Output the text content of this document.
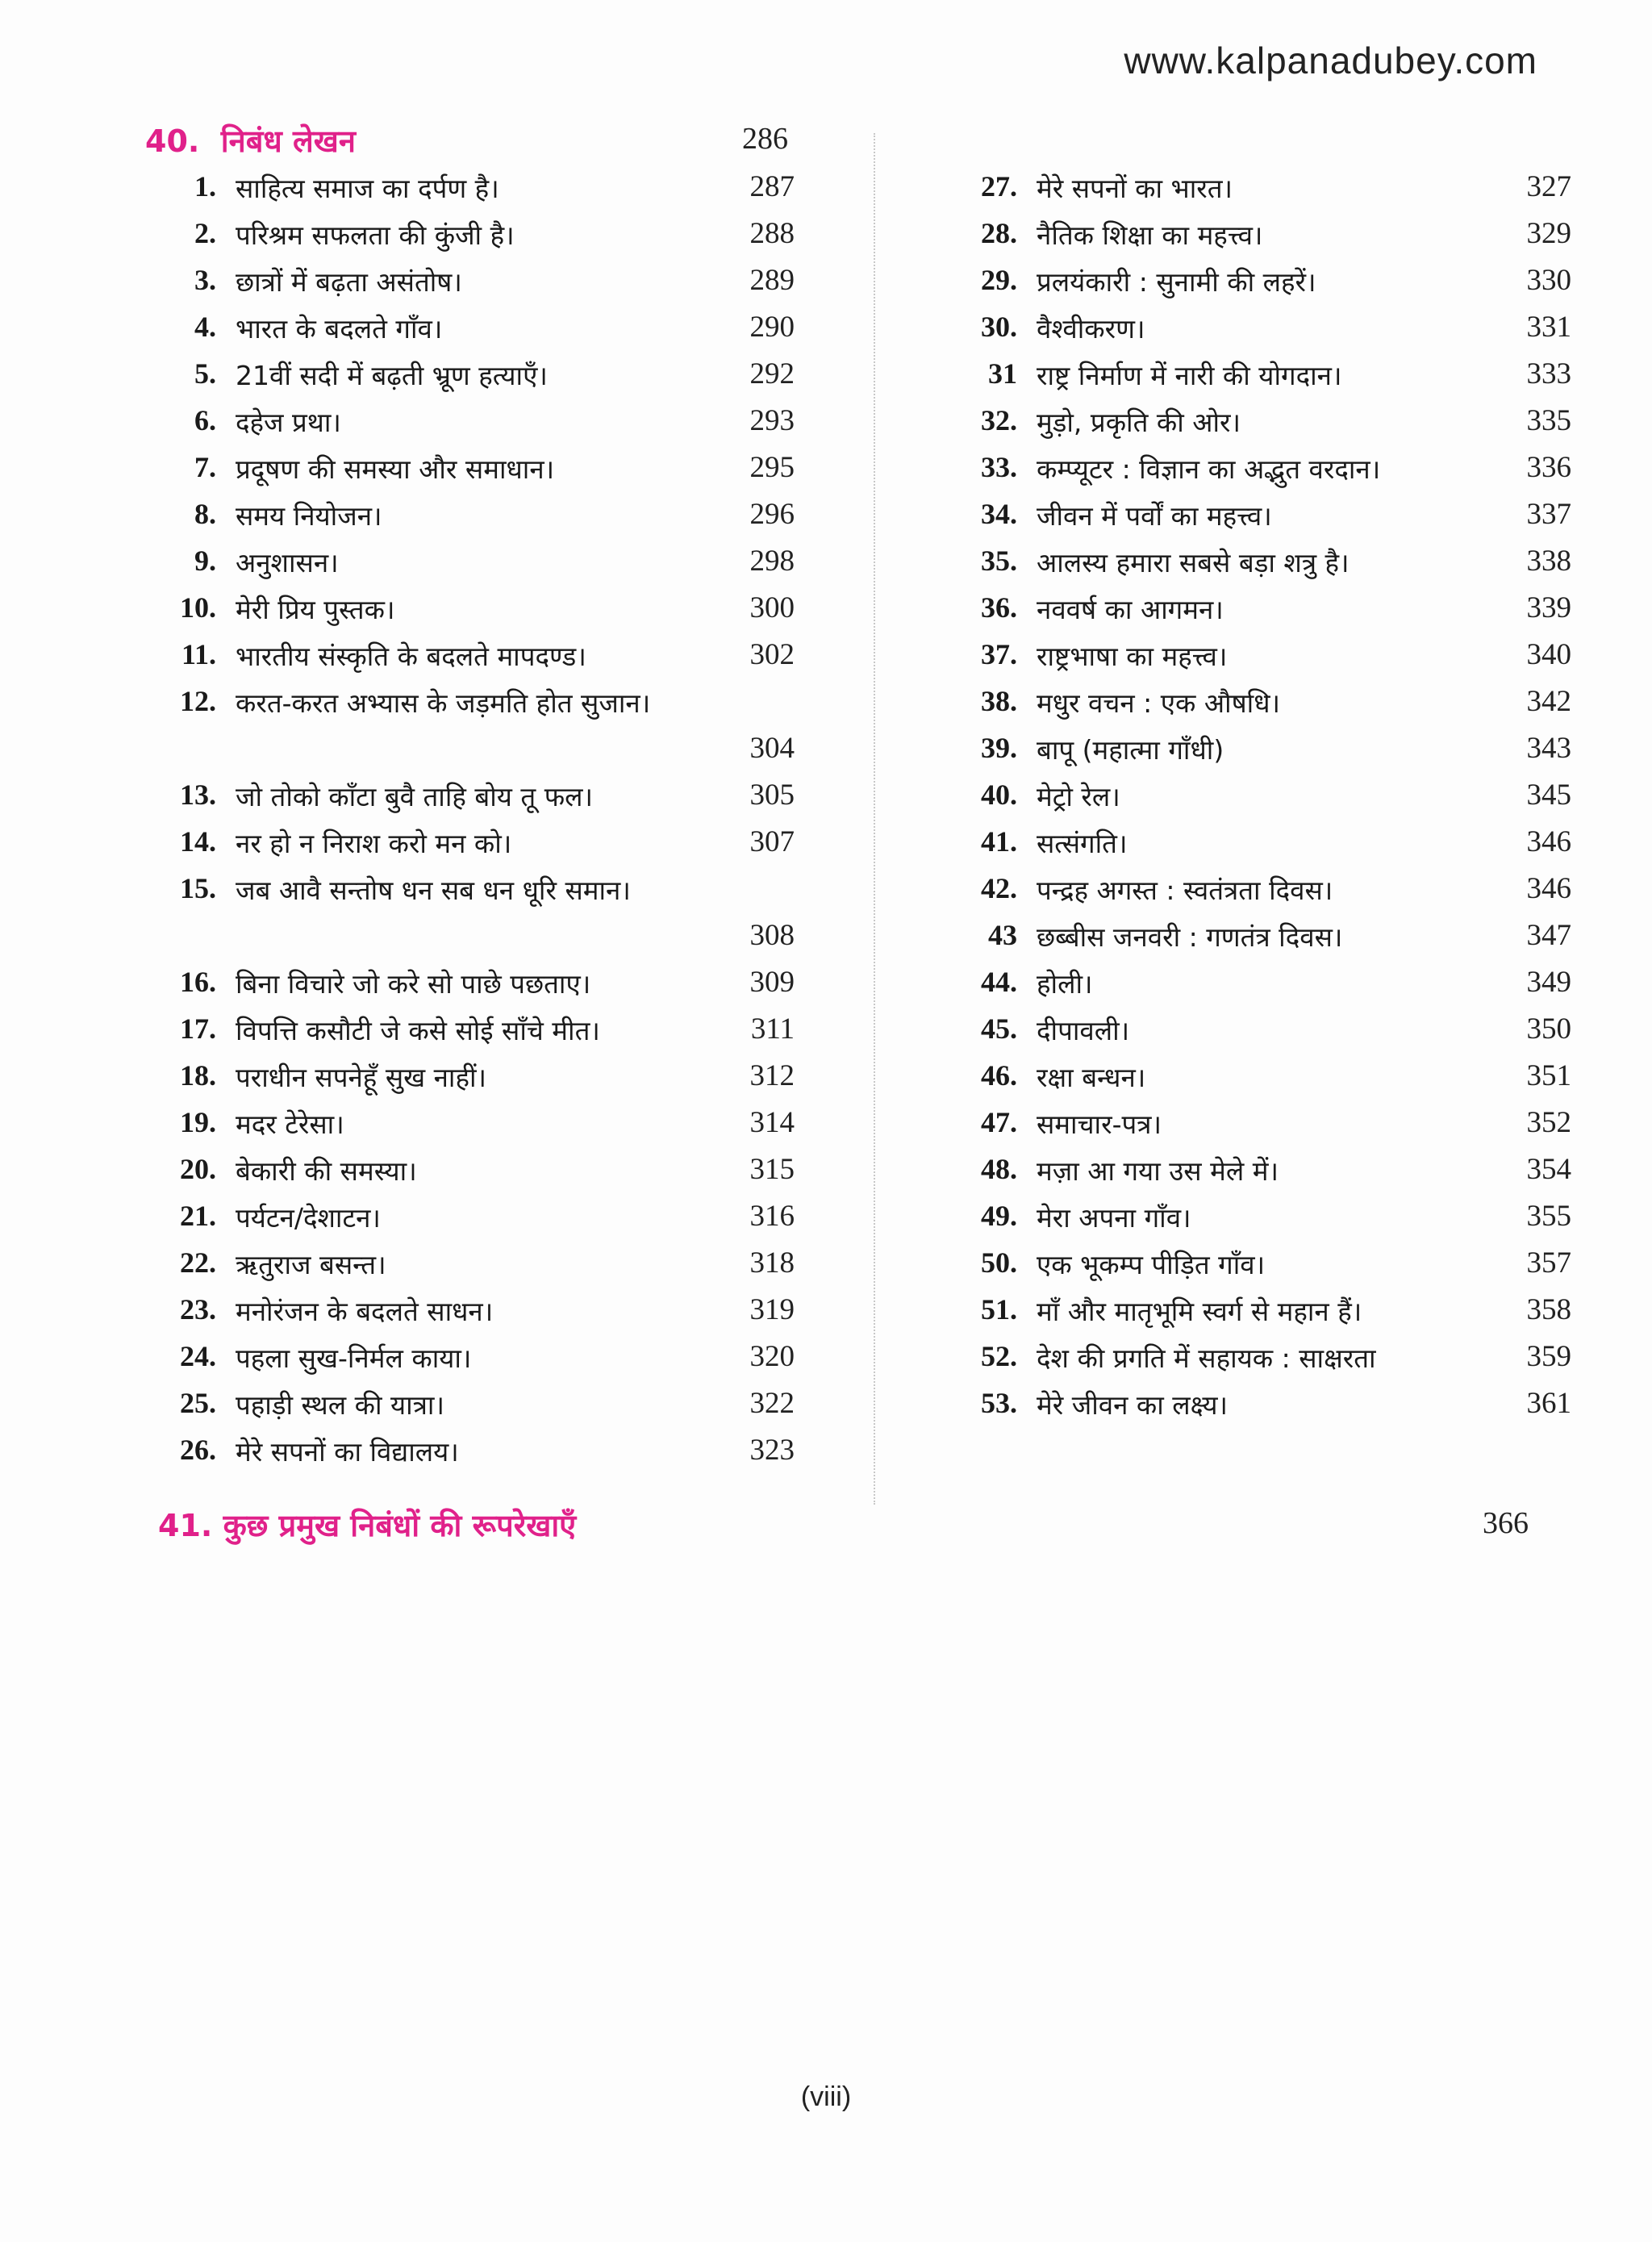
www.kalpanadubey.com
40. निबंध लेखन	286
1. साहित्य समाज का दर्पण है।	287
2. परिश्रम सफलता की कुंजी है।	288
3. छात्रों में बढ़ता असंतोष।	289
4. भारत के बदलते गाँव।	290
5. 21वीं सदी में बढ़ती भ्रूण हत्याएँ।	292
6. दहेज प्रथा।	293
7. प्रदूषण की समस्या और समाधान।	295
8. समय नियोजन।	296
9. अनुशासन।	298
10. मेरी प्रिय पुस्तक।	300
11. भारतीय संस्कृति के बदलते मापदण्ड।	302
12. करत-करत अभ्यास के जड़मति होत सुजान।
304
13. जो तोको काँटा बुवै ताहि बोय तू फल।	305
14. नर हो न निराश करो मन को।	307
15. जब आवै सन्तोष धन सब धन धूरि समान।
308
16. बिना विचारे जो करे सो पाछे पछताए।	309
17. विपत्ति कसौटी जे कसे सोई साँचे मीत।	311
18. पराधीन सपनेहूँ सुख नाहीं।	312
19. मदर टेरेसा।	314
20. बेकारी की समस्या।	315
21. पर्यटन/देशाटन।	316
22. ऋतुराज बसन्त।	318
23. मनोरंजन के बदलते साधन।	319
24. पहला सुख-निर्मल काया।	320
25. पहाड़ी स्थल की यात्रा।	322
26. मेरे सपनों का विद्यालय।	323
27. मेरे सपनों का भारत।	327
28. नैतिक शिक्षा का महत्त्व।	329
29. प्रलयंकारी : सुनामी की लहरें।	330
30. वैश्वीकरण।	331
31 राष्ट्र निर्माण में नारी की योगदान।	333
32. मुड़ो, प्रकृति की ओर।	335
33. कम्प्यूटर : विज्ञान का अद्भुत वरदान।	336
34. जीवन में पर्वों का महत्त्व।	337
35. आलस्य हमारा सबसे बड़ा शत्रु है।	338
36. नववर्ष का आगमन।	339
37. राष्ट्रभाषा का महत्त्व।	340
38. मधुर वचन : एक औषधि।	342
39. बापू (महात्मा गाँधी)	343
40. मेट्रो रेल।	345
41. सत्संगति।	346
42. पन्द्रह अगस्त : स्वतंत्रता दिवस।	346
43 छब्बीस जनवरी : गणतंत्र दिवस।	347
44. होली।	349
45. दीपावली।	350
46. रक्षा बन्धन।	351
47. समाचार-पत्र।	352
48. मज़ा आ गया उस मेले में।	354
49. मेरा अपना गाँव।	355
50. एक भूकम्प पीड़ित गाँव।	357
51. माँ और मातृभूमि स्वर्ग से महान हैं।	358
52. देश की प्रगति में सहायक : साक्षरता	359
53. मेरे जीवन का लक्ष्य।	361
41. कुछ प्रमुख निबंधों की रूपरेखाएँ	366
(viii)
